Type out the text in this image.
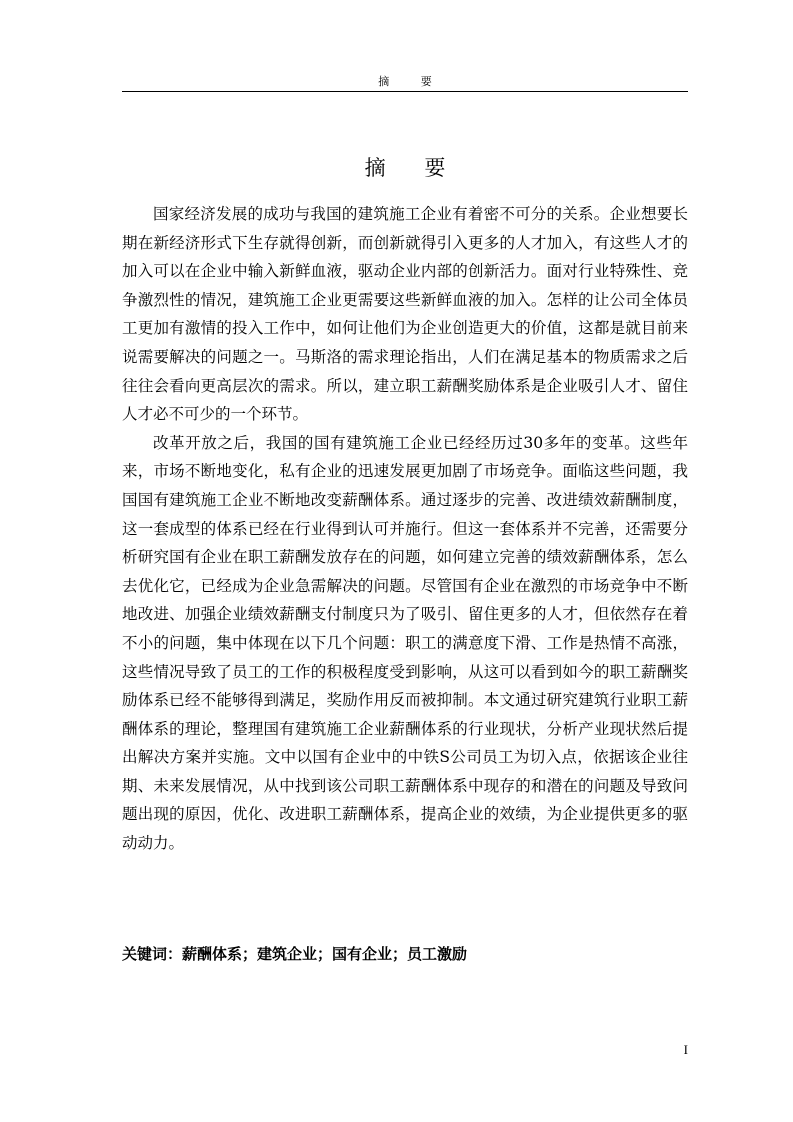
摘 要
摘 要

国家经济发展的成功与我国的建筑施工企业有着密不可分的关系。企业想要长期在新经济形式下生存就得创新，而创新就得引入更多的人才加入，有这些人才的加入可以在企业中输入新鲜血液，驱动企业内部的创新活力。面对行业特殊性、竞争激烈性的情况，建筑施工企业更需要这些新鲜血液的加入。怎样的让公司全体员工更加有激情的投入工作中，如何让他们为企业创造更大的价值，这都是就目前来说需要解决的问题之一。马斯洛的需求理论指出，人们在满足基本的物质需求之后往往会看向更高层次的需求。所以，建立职工薪酬奖励体系是企业吸引人才、留住人才必不可少的一个环节。

改革开放之后，我国的国有建筑施工企业已经经历过30多年的变革。这些年来，市场不断地变化，私有企业的迅速发展更加剧了市场竞争。面临这些问题，我国国有建筑施工企业不断地改变薪酬体系。通过逐步的完善、改进绩效薪酬制度，这一套成型的体系已经在行业得到认可并施行。但这一套体系并不完善，还需要分析研究国有企业在职工薪酬发放存在的问题，如何建立完善的绩效薪酬体系，怎么去优化它，已经成为企业急需解决的问题。尽管国有企业在激烈的市场竞争中不断地改进、加强企业绩效薪酬支付制度只为了吸引、留住更多的人才，但依然存在着不小的问题，集中体现在以下几个问题：职工的满意度下滑、工作是热情不高涨，这些情况导致了员工的工作的积极程度受到影响，从这可以看到如今的职工薪酬奖励体系已经不能够得到满足，奖励作用反而被抑制。本文通过研究建筑行业职工薪酬体系的理论，整理国有建筑施工企业薪酬体系的行业现状，分析产业现状然后提出解决方案并实施。文中以国有企业中的中铁S公司员工为切入点，依据该企业往期、未来发展情况，从中找到该公司职工薪酬体系中现存的和潜在的问题及导致问题出现的原因，优化、改进职工薪酬体系，提高企业的效绩，为企业提供更多的驱动动力。

关键词：薪酬体系；建筑企业；国有企业；员工激励
I
